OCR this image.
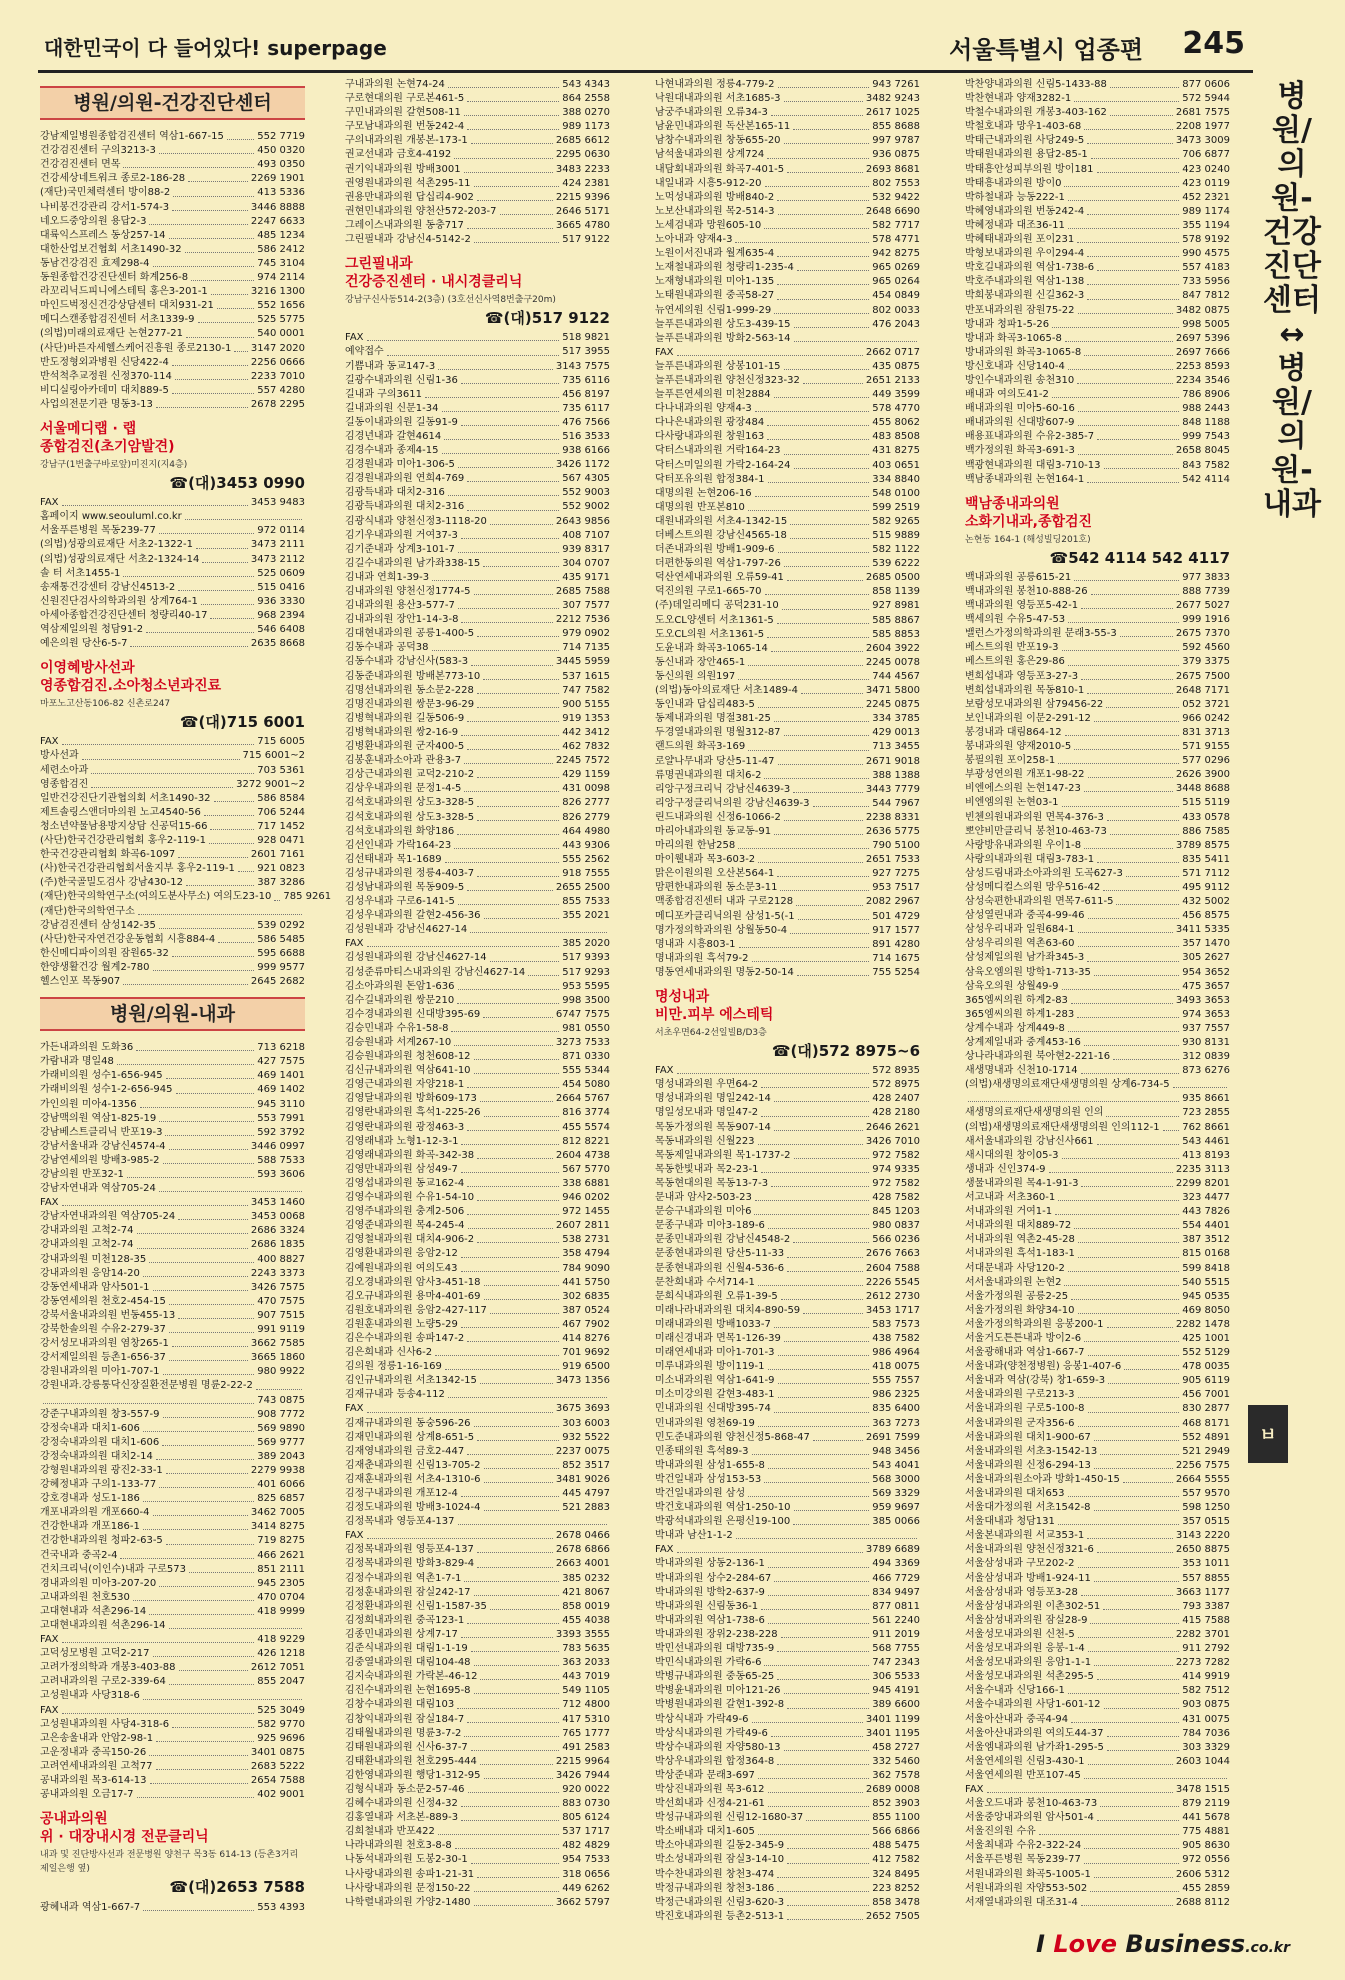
대한민국이 다 들어있다! superpage	서울특별시 업종편 245
병원/의원-건강진단센터
강남제일병원종합검진센터 역삼1-667-15	552 7719
건강검진센터 구의3213-3	450 0320
건강검진센터 면목	493 0350
건강세상네트워크 종로2-186-28	2269 1901
(재단)국민체력센터 방이88-2	413 5336
나비봉건강관리 강서1-574-3	3446 8888
네오드중앙의원 용답2-3	2247 6633
대륙익스프레스 동상257-14	485 1234
대한산업보건협회 서초1490-32	586 2412
동남건강검진 효제298-4	745 3104
동원종합건강진단센터 화계256-8	974 2114
라꼬리닉드피니에스테틱 홍은3-201-1	3216 1300
마인드벅정신건강상담센터 대치931-21	552 1656
메디스캔종합검진센터 서초1339-9	525 5775
(의법)미래의료재단 논현277-21	540 0001
(사단)바른자세헬스케어진흥원 종로2130-1 3147 2020
반도정형외과병원 신당422-4	2256 0666
반석척추교정원 신정370-114	2233 7010
비디실링아카데미 대치889-5	557 4280
사업의전문기관 명동3-13	2678 2295
서울메디랩 · 랩
종합검진(초기암발견)
강남구(1번출구바로앞)미진지(지4층)
☎(대)3453 0990
FAX	3453 9483
홈페이지 www.seouluml.co.kr
서울푸른병원 목동239-77	972 0114
(의법)성광의료재단 서초2-1322-1	3473 2111
(의법)성광의료재단 서초2-1324-14	3473 2112
솔 터 서초1455-1	525 0609
송재통건강센터 강남신4513-2	515 0416
신원진단검사의학과의원 상계764-1	936 3330
아세아종합건강진단센터 청량리40-17	968 2394
역삼제일의원 청담91-2	546 6408
예은의원 당산6-5-7	2635 8668
이영혜방사선과
영종합검진.소아청소년과진료
마포노고산동106-82 신촌로247
☎(대)715 6001
FAX	715 6005
방사선과	715 6001~2
세련소아과	703 5361
영종합검진	3272 9001~2
일반건강진단기관협의회 서초1490-32	586 8584
제트솔링스앤더마의원 노고4540-56	706 5244
청소년약물남용방지상담 신공덕15-66	717 1452
(사단)한국건강관리협회 홍우2-119-1	928 0471
한국건강관리협회 화곡6-1097	2601 7161
(사)한국건강관리협회서울지부 홍우2-119-1 921 0823
(주)한국골밀도검사 강남430-12	387 3286
(재단)한국의학연구소(여의도분사무소) 여의도23-10 785 9261
(재단)한국의학연구소
강남검진센터 삼성142-35	539 0292
(사단)한국자연건강운동협회 시흥884-4	586 5485
한신메디파이의원 잠원65-32	595 6688
한양생활건강 월계2-780	999 9577
헬스인포 목동907	2645 2682
병원/의원-내과
가든내과의원 도화36	713 6218
가람내과 명일48	427 7575
가래비의원 성수1-656-945	469 1401
가래비의원 성수1-2-656-945	469 1402
가인의원 미아4-1356	945 3110
강남맥의원 역삼1-825-19	553 7991
강남베스트클리닉 반포19-3	592 3792
강남서울내과 강남신4574-4	3446 0997
강남연세의원 방배3-985-2	588 7533
강남의원 반포32-1	593 3606
강남자연내과 역삼705-24
FAX	3453 1460
강남자연내과의원 역삼705-24	3453 0068
강내과의원 고척2-74	2686 3324
강내과의원 고척2-74	2686 1835
강내과의원 미천128-35	400 8827
강내과의원 응암14-20	2243 3373
강동연세내과 암사501-1	3426 7575
강동연세의원 천호2-454-15	470 7575
강북서울내과의원 번동455-13	907 7515
강북한솔의원 수유2-279-37	991 9119
강서성모내과의원 염창265-1	3662 7585
강서제일의원 등촌1-656-37	3665 1860
강원내과의원 미아1-707-1	980 9922
강원내과.강릉통닥신장질환전문병원 명륜2-22-2
743 0875
강준구내과의원 창3-557-9	908 7772
강정숙내과 대치1-606	569 9890
강정숙내과의원 대치1-606	569 9777
강정숙내과의원 대치2-14	389 2043
강형원내과의원 광진2-33-1	2279 9938
강혜정내과 구의1-133-77	401 6066
강호경내과 성도1-186	825 6857
개포내과의원 개포660-4	3462 7005
건강한내과 개포186-1	3414 8275
건강한내과의원 청파2-63-5	719 8275
건국내과 중곡2-4	466 2621
건치크리닉(이인수)내과 구로573	851 2111
경내과의원 미아3-207-20	945 2305
고내과의원 천호530	470 0704
고대현내과 석촌296-14	418 9999
고대현내과의원 석촌296-14
FAX	418 9229
고덕성모병원 고덕2-217	426 1218
고려가정의학과 개봉3-403-88	2612 7051
고려내과의원 구로2-339-64	855 2047
고성원내과 사당318-6
FAX	525 3049
고성원내과의원 사당4-318-6	582 9770
고은송울내과 안암2-98-1	925 9696
고운정내과 중곡150-26	3401 0875
고려연세내과의원 고척77	2683 5222
공내과의원 목3-614-13	2654 7588
공내과의원 오금17-7	402 9001
공내과의원
위 · 대장내시경 전문클리닉
내과 및 진단방사선과 전문병원 양천구 목3동 614-13 (등촌3거리제일은행 옆)
☎(대)2653 7588
광혜내과 역삼1-667-7	553 4393
구내과의원 논현74-24	543 4343
구로현대의원 구로본461-5	864 2558
구민내과의원 갈현508-11	388 0270
구모남내과의원 번동242-4	989 1173
구의내과의원 개봉본-173-1	2685 6612
권교선내과 금호4-4192	2295 0630
권기익내과의원 방배3001	3483 2233
권영원내과의원 석촌295-11	424 2381
권용만내과의원 답십리4-902	2215 9396
권현민내과의원 양천산572-203-7	2646 5171
그레이스내과의원 동충717	3665 4780
그린필내과 강남신4-5142-2	517 9122
그린필내과
건강증진센터 · 내시경클리닉
강남구신사동514-2(3층) (3호선신사역8번출구20m)
☎(대)517 9122
FAX	518 9821
예약접수	517 3955
기쁨내과 동교147-3	3143 7575
길광수내과의원 신림1-36	735 6116
길내과 구의3611	456 8197
길내과의원 신문1-34	735 6117
길동이내과의원 길동91-9	476 7566
김경년내과 갈현4614	516 3533
김경수내과 종제4-15	938 6166
김경원내과 미아1-306-5	3426 1172
김경원내과의원 연희4-769	567 4305
김광득내과 대치2-316	552 9003
김광득내과의원 대치2-316	552 9002
김광식내과 양천신정3-1118-20	2643 9856
김기우내과의원 거여37-3	408 7107
김기준내과 상계3-101-7	939 8317
김길수내과의원 남가좌338-15	304 0707
김내과 연희1-39-3	435 9171
김내과의원 양천신정1774-5	2685 7588
김내과의원 용산3-577-7	307 7577
김내과의원 장안1-14-3-8	2212 7536
김대현내과의원 공릉1-400-5	979 0902
김동수내과 공덕38	714 7135
김동수내과 강남신사(583-3	3445 5959
김동준내과의원 방배본773-10	537 1615
김명선내과의원 동소문2-228	747 7582
김명진내과의원 쌍문3-96-29	900 5155
김병혁내과의원 길동506-9	919 1353
김병혁내과의원 쌍2-16-9	442 3412
김병환내과의원 군자400-5	462 7832
김봉훈내과소아과 관용3-7	2245 7572
김상근내과의원 교덕2-210-2	429 1159
김상우내과의원 문정1-4-5	431 0098
김석호내과의원 상도3-328-5	826 2777
김석호내과의원 상도3-328-5	826 2779
김석호내과의원 화양186	464 4980
김선인내과 가락164-23	443 9306
김선태내과 목1-1689	555 2562
김성규내과의원 정릉4-403-7	918 7555
김성남내과의원 목동909-5	2655 2500
김성우내과 구로6-141-5	855 7533
김성우내과의원 갈현2-456-36	355 2021
김성원내과 강남신4627-14
FAX	385 2020
김성원내과의원 강남신4627-14	517 9393
김성준류마티스내과의원 강남신4627-14	517 9293
김소아과의원 돈암1-636	953 5595
김수길내과의원 쌍문210	998 3500
김수경내과의원 신대방395-69	6747 7575
김승민내과 수유1-58-8	981 0550
김승원내과 서계267-10	3273 7533
김승원내과의원 청천608-12	871 0330
김신규내과의원 역삼641-10	555 5344
김영근내과의원 자양218-1	454 5080
김영달내과의원 방화609-173	2664 5767
김영란내과의원 흑석1-225-26	816 3774
김영란내과의원 광정463-3	455 5574
김영래내과 노형1-12-3-1	812 8221
김영래내과의원 화곡-342-38	2604 4738
김영만내과의원 삼성49-7	567 5770
김영섭내과의원 동교162-4	338 6881
김영수내과의원 수유1-54-10	946 0202
김영주내과의원 충계2-506	972 1455
김영준내과의원 목4-245-4	2607 2811
김영철내과의원 대치4-906-2	538 2731
김영환내과의원 응암2-12	358 4794
김예원내과의원 여의도43	784 9090
김오경내과의원 암사3-451-18	441 5750
김오규내과의원 용마4-401-69	302 6835
김원호내과의원 응암2-427-117	387 0524
김원훈내과의원 노량5-29	467 7902
김은수내과의원 송파147-2	414 8276
김은희내과 신사6-2	701 9692
김의원 정릉1-16-169	919 6500
김인규내과의원 서초1342-15	3473 1356
김재규내과 등송4-112
FAX	3675 3693
김재규내과의원 동숭596-26	303 6003
김재민내과의원 상계8-651-5	932 5522
김재영내과의원 금호2-447	2237 0075
김재춘내과의원 신림13-705-2	852 3517
김재훈내과의원 서초4-1310-6	3481 9026
김정구내과의원 개포12-4	445 4797
김정도내과의원 방배3-1024-4	521 2883
김정목내과 영등포4-137
FAX	2678 0466
김정목내과의원 영등포4-137	2678 6866
김정목내과의원 방화3-829-4	2663 4001
김정수내과의원 역촌1-7-1	385 0232
김정훈내과의원 잠실242-17	421 8067
김정환내과의원 신림1-1587-35	858 0019
김정희내과의원 중곡123-1	455 4038
김종민내과의원 상계7-17	3393 3555
김준식내과의원 대림1-1-19	783 5635
김중열내과의원 대림104-48	363 2033
김지숙내과의원 가락본-46-12	443 7019
김진수내과의원 논현1695-8	549 1105
김창수내과의원 대림103	712 4800
김창익내과의원 잠실184-7	417 5310
김태월내과의원 명륜3-7-2	765 1777
김태원내과의원 신사6-37-7	491 2583
김태환내과의원 천호295-444	2215 9964
김한영내과의원 행당1-312-95	3426 7944
김형식내과 동소문2-57-46	920 0022
김혜수내과의원 신정4-32	883 0730
김홍열내과 서초본-889-3	805 6124
김희철내과 반포422	537 1717
나라내과의원 천호3-8-8	482 4829
나동석내과의원 도봉2-30-1	954 7533
나사랑내과의원 송파1-21-31	318 0656
나사랑내과의원 문정150-22	449 6262
나학렬내과의원 가양2-1480	3662 5797
나현내과의원 정릉4-779-2	943 7261
낙원대내과의원 서초1685-3	3482 9243
남궁주내과의원 오류34-3	2617 1025
남윤민내과의원 독산본165-11	855 8688
남창수내과의원 창동655-20	997 9787
남석울내과의원 상계724	936 0875
내담회내과의원 화곡7-401-5	2693 8681
내일내과 시흥5-912-20	802 7553
노먹성내과의원 방배840-2	532 9422
노보산내과의원 목2-514-3	2648 6690
노세검내과 망원605-10	582 7717
노아내과 양재4-3	578 4771
노원이서진내과 월계635-4	942 8275
노재철내과의원 청량리1-235-4	965 0269
노재형내과의원 미아1-135	965 0264
노태원내과의원 중곡58-27	454 0849
뉴연세의원 신림1-999-29	802 0033
늘푸른내과의원 상도3-439-15	476 2043
늘푸른내과의원 방화2-563-14
FAX	2662 0717
늘푸른내과의원 상봉101-15	435 0875
늘푸른내과의원 양천신정323-32	2651 2133
늘푸른연세의원 미천2884	449 3599
다나내과의원 양재4-3	578 4770
다나은내과의원 광장484	455 8062
다사랑내과의원 창원163	483 8508
닥터스내과의원 거락164-23	431 8275
닥터스미일의원 가락2-164-24	403 0651
닥터포유의원 합정384-1	334 8840
대명의원 논현206-16	548 0100
대명의원 반포본810	599 2519
대원내과의원 서초4-1342-15	582 9265
더베스트의원 강남신4565-18	515 9889
더존내과의원 방배1-909-6	582 1122
더편한동의원 역삼1-797-26	539 6222
덕산연세내과의원 오류59-41	2685 0500
덕진의원 구로1-665-70	858 1139
(주)데일리메디 공덕231-10	927 8981
도오CL양센터 서초1361-5	585 8867
도오CL의원 서초1361-5	585 8853
도윤내과 화곡3-1065-14	2604 3922
동신내과 장안465-1	2245 0078
동신의원 의원197	744 4567
(의법)동아의료재단 서초1489-4	3471 5800
동인내과 답십리483-5	2245 0875
동제내과의원 명절381-25	334 3785
두경열내과의원 명월312-87	429 0013
랜드의원 화곡3-169	713 3455
로얄나무내과 당산5-11-47	2671 9018
류명권내과의원 대치6-2	388 1388
리앙구정크리닉 강남신4639-3	3443 7779
리앙구정클리닉의원 강남신4639-3	544 7967
린드내과의원 신정6-1066-2	2238 8331
마리아내과의원 동교동-91	2636 5775
마리의원 한남258	790 5100
마이웰내과 목3-603-2	2651 7533
맑은이원의원 오산본564-1	927 7275
맘편한내과의원 동소문3-11	953 7517
맥종합검진센터 내과 구로2128	2082 2967
메디포카클리닉의원 삼성1-5(-1	501 4729
명가정의학과의원 상월동50-4	917 1577
명내과 시흥803-1	891 4280
명내과의원 흑석79-2	714 1675
명동연세내과의원 명동2-50-14	755 5254
명성내과
비만.피부 에스테틱
서초우면64-2선일빌B/D3층
☎(대)572 8975~6
FAX	572 8935
명성내과의원 우면64-2	572 8975
명성내과의원 명일242-14	428 2407
명일성모내과 명일47-2	428 2180
목동가정의원 목동907-14	2646 2621
목동내과의원 신월223	3426 7010
목동제일내과의원 목1-1737-2	972 7582
목동한빛내과 목2-23-1	974 9335
목동현대의원 목동13-7-3	972 7582
문내과 암사2-503-23	428 7582
문승구내과의원 미아6	845 1203
문종구내과 미아3-189-6	980 0837
문종민내과의원 강남신4548-2	566 0236
문종현내과의원 당산5-11-33	2676 7663
문종현내과의원 신월4-536-6	2604 7588
문찬희내과 수서714-1	2226 5545
문희식내과의원 오류1-39-5	2612 2730
미래나라내과의원 대치4-890-59	3453 1717
미래내과의원 방배1033-7	583 7573
미래신경내과 면목1-126-39	438 7582
미래연세내과 미아1-701-3	986 4964
미루내과의원 방이119-1	418 0075
미소내과의원 역삼1-641-9	555 7557
미소미강의원 갈현3-483-1	986 2325
민내과의원 신대방395-74	835 6400
민내과의원 영천69-19	363 7273
민도준내과의원 양천신정5-868-47	2691 7599
민종태의원 흑석89-3	948 3456
박내과의원 삼성1-655-8	543 4041
박건일내과 삼성153-53	568 3000
박건일내과의원 삼성	569 3329
박건호내과의원 역삼1-250-10	959 9697
박광석내과의원 은평신19-100	385 0066
박내과 남산1-1-2
FAX	3789 6689
박내과의원 상동2-136-1	494 3369
박내과의원 상수2-284-67	466 7729
박내과의원 방학2-637-9	834 9497
박내과의원 신림동36-1	877 0811
박내과의원 역삼1-738-6	561 2240
박내과의원 장위2-238-228	911 2019
박민선내과의원 대방735-9	568 7755
박민식내과의원 가락6-6	747 2343
박병규내과의원 중동65-25	306 5533
박병윤내과의원 미아121-26	945 4191
박병원내과의원 갈현1-392-8	389 6600
박상식내과 가락49-6	3401 1199
박상식내과의원 가락49-6	3401 1195
박상수내과의원 자양580-13	458 2727
박상우내과의원 합정364-8	332 5460
박상준내과 문래3-697	362 7578
박상진내과의원 목3-612	2689 0008
박선희내과 신정4-21-61	852 3903
박성규내과의원 신림12-1680-37	855 1100
박소배내과 대치1-605	566 6866
박소아내과의원 길동2-345-9	488 5475
박소성내과의원 잠실3-14-10	412 7582
박수찬내과의원 창천3-474	324 8495
박정규내과의원 창천3-186	223 8252
박정근내과의원 신림3-620-3	858 3478
박진호내과의원 등촌2-513-1	2652 7505
박찬양내과의원 신림5-1433-88	877 0606
박찬현내과 양재3282-1	572 5944
박철수내과의원 개봉3-403-162	2681 7575
박철호내과 망우1-403-68	2208 1977
박태근내과의원 사당249-5	3473 3009
박태원내과의원 용답2-85-1	706 6877
박태흥안성피부의원 방이181	423 0240
박태흥내과의원 방이0	423 0119
박하철내과 능동222-1	452 2321
박혜영내과의원 번동242-4	989 1174
박혜정내과 대조36-11	355 1194
박혜태내과의원 포이231	578 9192
박형보내과의원 우이294-4	990 4575
박호길내과의원 역삼1-738-6	557 4183
박호주내과의원 역삼1-138	733 5956
박희봉내과의원 신길362-3	847 7812
반포내과의원 잠원75-22	3482 0875
방내과 청파1-5-26	998 5005
방내과 화곡3-1065-8	2697 5396
방내과의원 화곡3-1065-8	2697 7666
방신호내과 신당140-4	2253 8593
방인수내과의원 송천310	2234 3546
배내과 여의도41-2	786 8906
배내과의원 미아5-60-16	988 2443
배내과의원 신대방607-9	848 1188
배용표내과의원 수유2-385-7	999 7543
백가정의원 화곡3-691-3	2658 8045
백광현내과의원 대림3-710-13	843 7582
백남종내과의원 논현164-1	542 4114
백남종내과의원
소화기내과,종합검진
논현동 164-1 (해성빌딩201호)
☎542 4114 542 4117
백내과의원 공릉615-21	977 3833
백내과의원 봉천10-888-26	888 7739
백내과의원 영등포5-42-1	2677 5027
백세의원 수유5-47-53	999 1916
밸런스가정의학과의원 문래3-55-3	2675 7370
베스트의원 반포19-3	592 4560
베스트의원 홍은29-86	379 3375
변희섭내과 영등포3-27-3	2675 7500
변희섭내과의원 목동810-1	2648 7171
보람성모내과의원 삼79456-22	052 3721
보인내과의원 이문2-291-12	966 0242
봉경내과 대림864-12	831 3713
봉내과의원 양재2010-5	571 9155
봉필의원 포이258-1	577 0296
부광성연의원 개포1-98-22	2626 3900
비엔에스의원 논현147-23	3448 8688
비엔엠의원 논현03-1	515 5119
빈첸의원내과의원 면목4-376-3	433 0578
뽀얀비만클리닉 봉천10-463-73	886 7585
사랑방유내과의원 우이1-8	3789 8575
사랑의내과의원 대림3-783-1	835 5411
삼성드림내과소아과의원 도곡627-3	571 7112
삼성메디컬스의원 망우516-42	495 9112
삼성숙편한내과의원 면목7-611-5	432 5002
삼성열린내과 중곡4-99-46	456 8575
삼성우리내과 일원684-1	3411 5335
삼성우리의원 역촌63-60	357 1470
삼성제일의원 남가좌345-3	305 2627
삼육오엠의원 방학1-713-35	954 3652
삼육오의원 상월49-9	475 3657
365엠씨의원 하계2-83	3493 3653
365엠씨의원 하계1-283	974 3653
상계수내과 상계449-8	937 7557
상계제일내과 중계453-16	930 8131
상나라내과의원 북아현2-221-16	312 0839
새생명내과 신천10-1714	873 6276
(의법)새생명의료재단새생명의원 상계6-734-5
935 8661
새생명의료재단새생명의원 인의	723 2855
(의법)새생명의료재단새생명의원 인의112-1 762 8661
새서울내과의원 강남신사661	543 4461
새시대의원 창이05-3	413 8193
생내과 신인374-9	2235 3113
생물내과의원 목4-1-91-3	2299 8201
서고내과 서초360-1	323 4477
서내과의원 거여1-1	443 7826
서내과의원 대치889-72	554 4401
서내과의원 역촌2-45-28	387 3512
서내과의원 흑석1-183-1	815 0168
서대문내과 사당120-2	599 8418
서서울내과의원 논현2	540 5515
서울가정의원 공릉2-25	945 0535
서울가정의원 화양34-10	469 8050
서울가정의학과의원 응봉200-1	2282 1478
서울거도튼튼내과 방이2-6	425 1001
서울광해내과 역삼1-667-7	552 5129
서울내과(양천정병원) 응봉1-407-6	478 0035
서울내과 역삼(강북) 창1-659-3	905 6119
서울내과의원 구로213-3	456 7001
서울내과의원 구로5-100-8	830 2877
서울내과의원 군자356-6	468 8171
서울내과의원 대치1-900-67	552 4891
서울내과의원 서초3-1542-13	521 2949
서울내과의원 신정6-294-13	2256 7575
서울내과의원소아과 방화1-450-15	2664 5555
서울내과의원 대치653	557 9570
서울대가정의원 서초1542-8	598 1250
서울대내과 청담131	357 0515
서울본내과의원 서교353-1	3143 2220
서울내과의원 양천신정321-6	2650 8875
서울삼성내과 구모202-2	353 1011
서울삼성내과 방배1-924-11	557 8855
서울삼성내과 영등포3-28	3663 1177
서울삼성내과의원 이촌302-51	793 3387
서울삼성내과의원 잠실28-9	415 7588
서울성모내과의원 신천-5	2282 3701
서울성모내과의원 응봉-1-4	911 2792
서울성모내과의원 응암1-1-1	2273 7282
서울성모내과의원 석촌295-5	414 9919
서울수내과 신당166-1	582 7512
서울수내과의원 사당1-601-12	903 0875
서울아산내과 중곡4-94	431 0075
서울아산내과의원 여의도44-37	784 7036
서울엠내과의원 남가좌1-295-5	303 3329
서울연세의원 신림3-430-1	2603 1044
서울연세의원 반포107-45
FAX	3478 1515
서울오드내과 봉천10-463-73	879 2119
서울중앙내과의원 암사501-4	441 5678
서울진의원 수유	775 4881
서울최내과 수유2-322-24	905 8630
서울푸른병원 목동239-77	972 0556
서원내과의원 화곡5-1005-1	2606 5312
서원내과의원 자양553-502	455 2859
서재열내과의원 대조31-4	2688 8112
병원/의원-건강진단센터 ↔ 병원/의원-내과
ㅂ
I Love Business.co.kr
